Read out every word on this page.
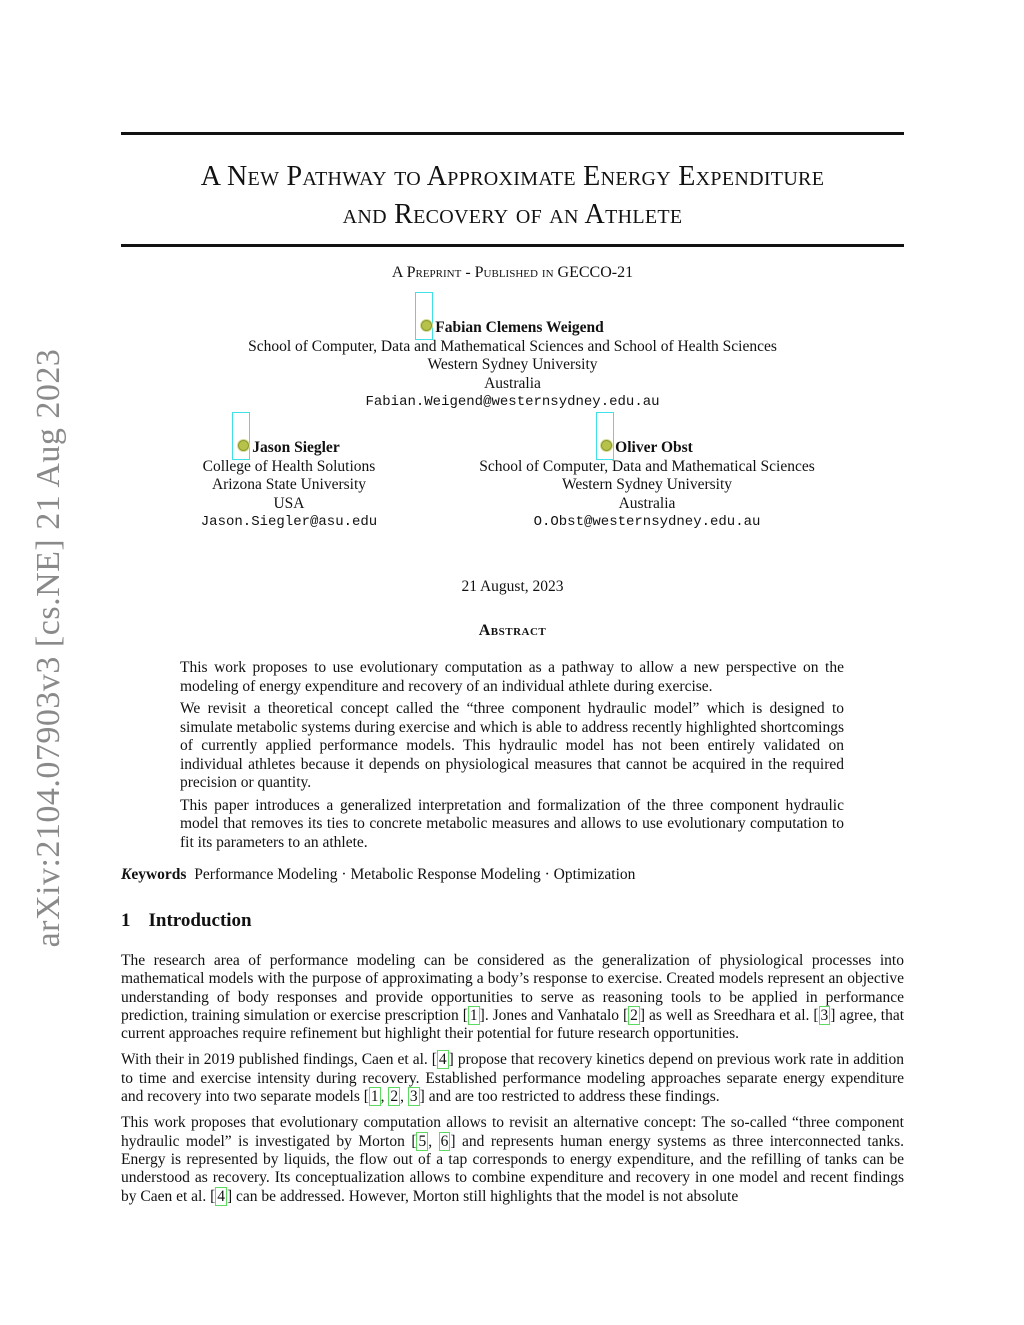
arXiv:2104.07903v3 [cs.NE] 21 Aug 2023
A New Pathway to Approximate Energy Expenditure
and Recovery of an Athlete
A Preprint - Published in GECCO-21
Fabian Clemens Weigend
School of Computer, Data and Mathematical Sciences and School of Health Sciences
Western Sydney University
Australia
Fabian.Weigend@westernsydney.edu.au
Jason Siegler
College of Health Solutions
Arizona State University
USA
Jason.Siegler@asu.edu
Oliver Obst
School of Computer, Data and Mathematical Sciences
Western Sydney University
Australia
O.Obst@westernsydney.edu.au
21 August, 2023
Abstract

This work proposes to use evolutionary computation as a pathway to allow a new perspective on the modeling of energy expenditure and recovery of an individual athlete during exercise.

We revisit a theoretical concept called the “three component hydraulic model” which is designed to simulate metabolic systems during exercise and which is able to address recently highlighted shortcomings of currently applied performance models. This hydraulic model has not been entirely validated on individual athletes because it depends on physiological measures that cannot be acquired in the required precision or quantity.

This paper introduces a generalized interpretation and formalization of the three component hydraulic model that removes its ties to concrete metabolic measures and allows to use evolutionary computation to fit its parameters to an athlete.

Keywords Performance Modeling · Metabolic Response Modeling · Optimization
1 Introduction

The research area of performance modeling can be considered as the generalization of physiological processes into mathematical models with the purpose of approximating a body’s response to exercise. Created models represent an objective understanding of body responses and provide opportunities to serve as reasoning tools to be applied in performance prediction, training simulation or exercise prescription [ 1 ]. Jones and Vanhatalo [ 2 ] as well as Sreedhara et al. [ 3 ] agree, that current approaches require refinement but highlight their potential for future research opportunities.

With their in 2019 published findings, Caen et al. [ 4 ] propose that recovery kinetics depend on previous work rate in addition to time and exercise intensity during recovery. Established performance modeling approaches separate energy expenditure and recovery into two separate models [ 1 , 2 , 3 ] and are too restricted to address these findings.

This work proposes that evolutionary computation allows to revisit an alternative concept: The so-called “three component hydraulic model” is investigated by Morton [ 5 , 6 ] and represents human energy systems as three interconnected tanks. Energy is represented by liquids, the flow out of a tap corresponds to energy expenditure, and the refilling of tanks can be understood as recovery. Its conceptualization allows to combine expenditure and recovery in one model and recent findings by Caen et al. [ 4 ] can be addressed. However, Morton still highlights that the model is not absolute
